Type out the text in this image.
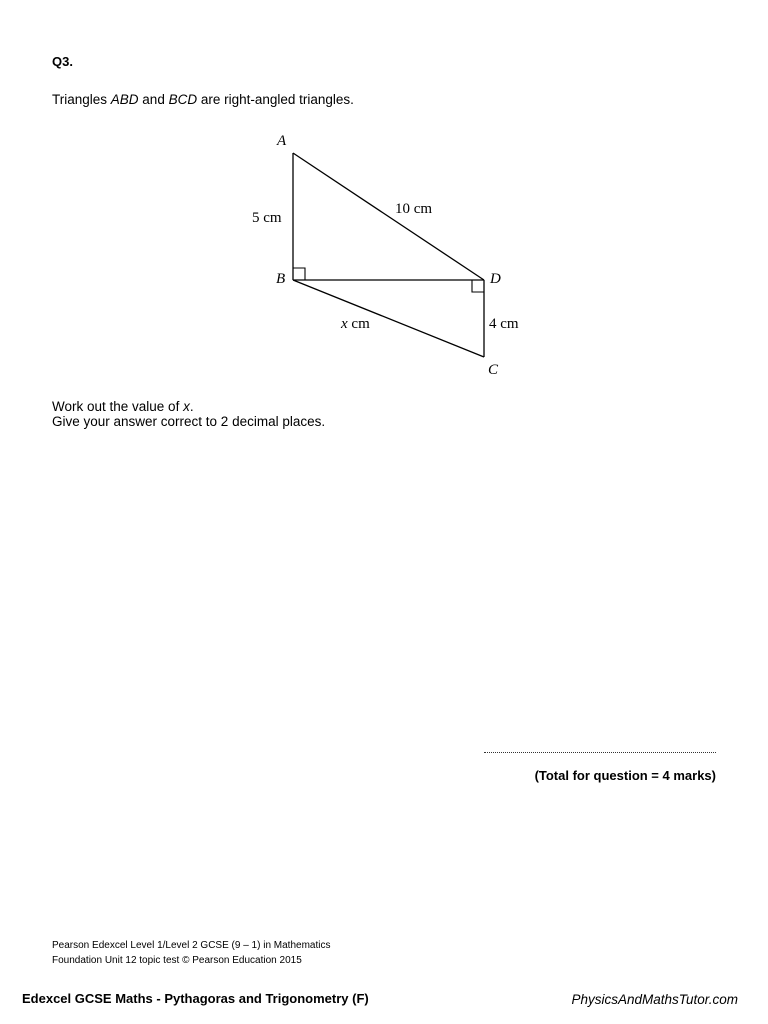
Q3.
Triangles ABD and BCD are right-angled triangles.
A
B	D
C
5 cm
10 cm
4 cm
x cm
Work out the value of x.
Give your answer correct to 2 decimal places.
(Total for question = 4 marks)
Pearson Edexcel Level 1/Level 2 GCSE (9 – 1) in Mathematics
Foundation Unit 12 topic test © Pearson Education 2015
Edexcel GCSE Maths - Pythagoras and Trigonometry (F)	PhysicsAndMathsTutor.com
